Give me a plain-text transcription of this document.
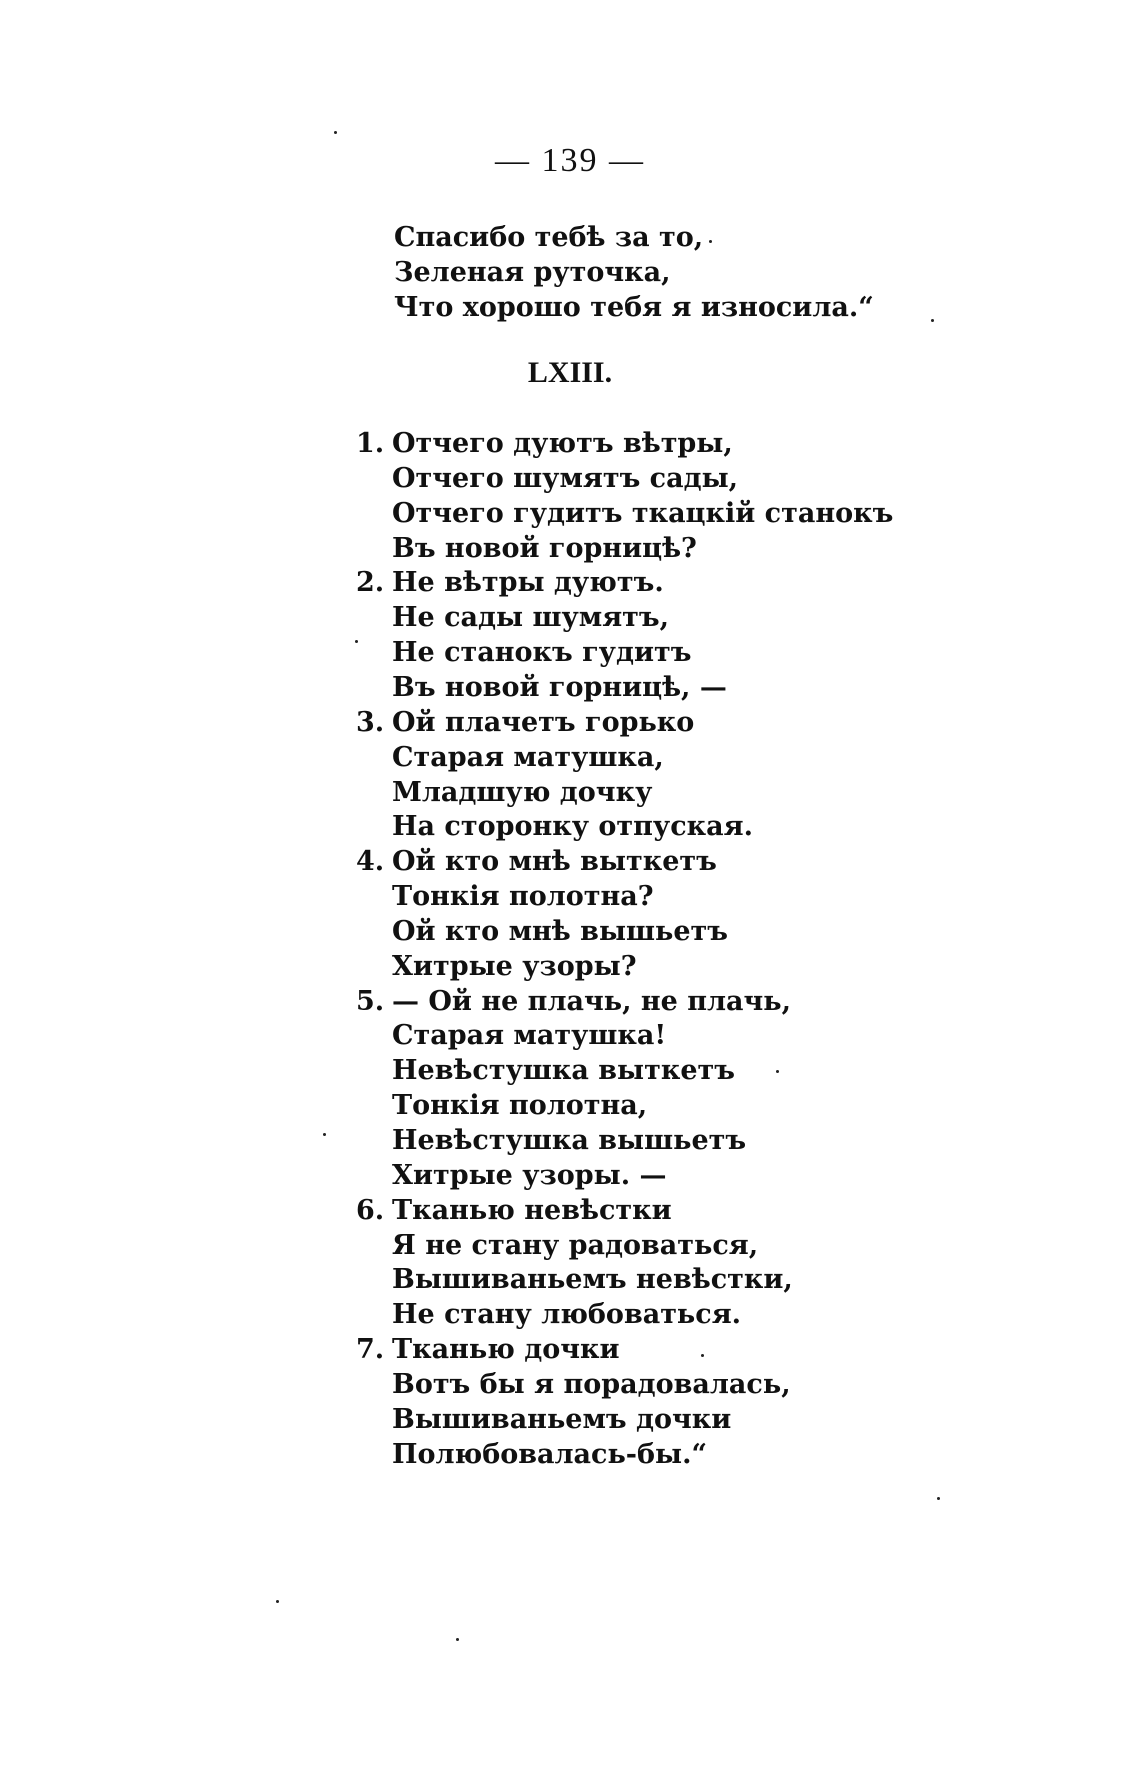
— 139 —
Спасибо тебѣ за то,
Зеленая руточка,
Что хорошо тебя я износила.“
LXIII.
1. Отчего дуютъ вѣтры,
Отчего шумятъ сады,
Отчего гудитъ ткацкій станокъ
Въ новой горницѣ?
2. Не вѣтры дуютъ.
Не сады шумятъ,
Не станокъ гудитъ
Въ новой горницѣ, —
3. Ой плачетъ горько
Старая матушка,
Младшую дочку
На сторонку отпуская.
4. Ой кто мнѣ выткетъ
Тонкія полотна?
Ой кто мнѣ вышьетъ
Хитрые узоры?
5. — Ой не плачь, не плачь,
Старая матушка!
Невѣстушка выткетъ
Тонкія полотна,
Невѣстушка вышьетъ
Хитрые узоры. —
6. Тканью невѣстки
Я не стану радоваться,
Вышиваньемъ невѣстки,
Не стану любоваться.
7. Тканью дочки
Вотъ бы я порадовалась,
Вышиваньемъ дочки
Полюбовалась-бы.“
